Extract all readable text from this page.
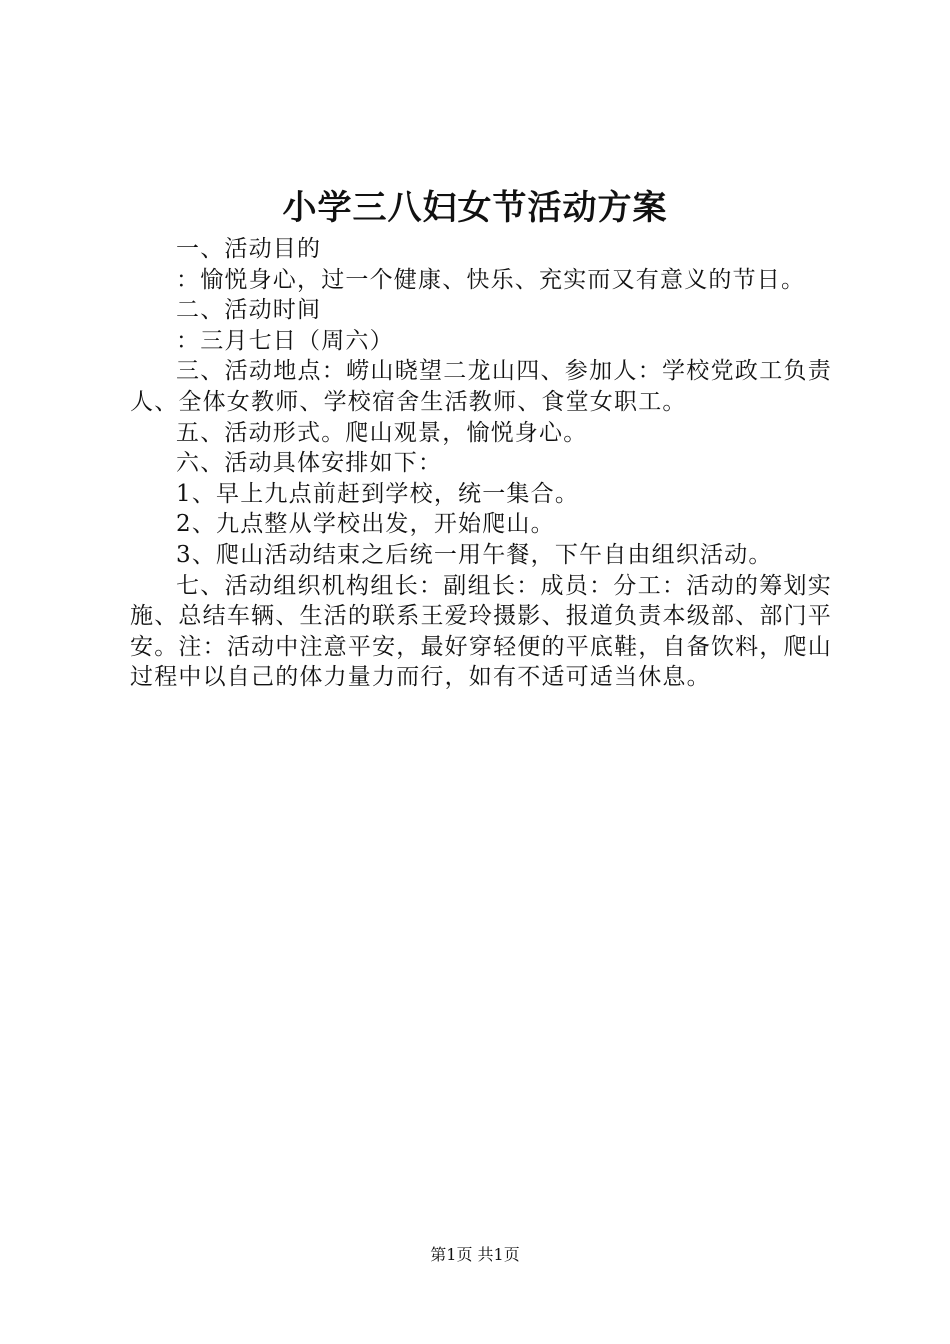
小学三八妇女节活动方案

一、活动目的

：愉悦身心，过一个健康、快乐、充实而又有意义的节日。

二、活动时间

：三月七日（周六）

三、活动地点：崂山晓望二龙山四、参加人：学校党政工负责人、全体女教师、学校宿舍生活教师、食堂女职工。

五、活动形式。爬山观景，愉悦身心。

六、活动具体安排如下：

1、早上九点前赶到学校，统一集合。

2、九点整从学校出发，开始爬山。

3、爬山活动结束之后统一用午餐，下午自由组织活动。

七、活动组织机构组长：副组长：成员：分工：活动的筹划实施、总结车辆、生活的联系王爱玲摄影、报道负责本级部、部门平安。注：活动中注意平安，最好穿轻便的平底鞋，自备饮料，爬山过程中以自己的体力量力而行，如有不适可适当休息。

第1页 共1页
